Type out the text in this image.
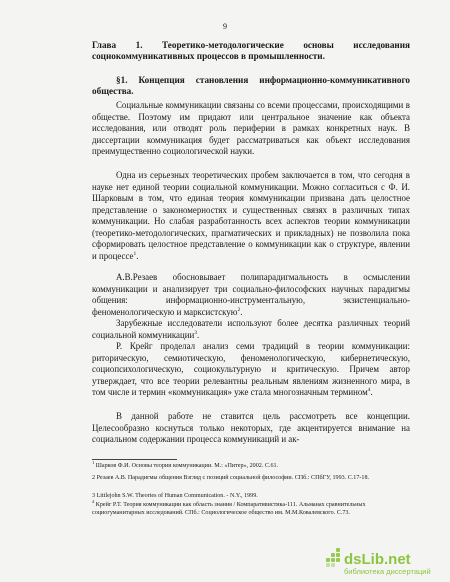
9
Глава 1. Теоретико-методологические основы исследования социокоммуникативных процессов в промышленности.
§1. Концепция становления информационно-коммуникативного общества.

Социальные коммуникации связаны со всеми процессами, происходящими в обществе. Поэтому им придают или центральное значение как объекта исследования, или отводят роль периферии в рамках конкретных наук. В диссертации коммуникация будет рассматриваться как объект исследования преимущественно социологической науки.

Одна из серьезных теоретических пробем заключается в том, что сегодня в науке нет единой теории социальной коммуникации. Можно согласиться с Ф. И. Шарковым в том, что единая теория коммуникации призвана дать целостное представление о закономерностях и существенных связях в различных типах коммуникации. Но слабая разработанность всех аспектов теории коммуникации (теоретико-методологических, прагматических и прикладных) не позволила пока сформировать целостное представление о коммуникации как о структуре, явлении и процессе$^1$.

А.В.Резаев обосновывает полипарадигмальность в осмыслении коммуникации и анализирует три социально-философских научных парадигмы общения: информационно-инструментальную, экзистенциально-феноменологическую и марксистскую$^2$.

Зарубежные исследователи используют более десятка различных теорий социальной коммуникации$^3$.

Р. Крейг проделал анализ семи традиций в теории коммуникации: риторическую, семиотическую, феноменологическую, кибернетическую, социопсихологическую, социокультурную и критическую. Причем автор утверждает, что все теории релевантны реальным явлениям жизненного мира, в том числе и термин «коммуникация» уже стала многозначным термином$^4$.

В данной работе не ставится цель рассмотреть все концепции. Целесообразно коснуться только некоторых, где акцентируется внимание на социальном содержании процесса коммуникаций и ак-

$^1$ Шарков Ф.И. Основы теории коммуникации. М.: «Питер», 2002. С.61.

2 Резаев А.В. Парадигмы общения Взгляд с позиций социальной философии. СПб.: СПбГУ, 1993. С.17-18.

3 Littlejohn S.W. Theories of Human Communication. - N.Y., 1999.

$^4$ Крейг Р.Т. Теория коммуникации как область знания / Компаративистика-111. Альманах сравнительных социогуманитарных исследований. СПб.: Социологическое общество им. М.М.Ковалевского. С.73.

dsLib.net
библиотека диссертаций
